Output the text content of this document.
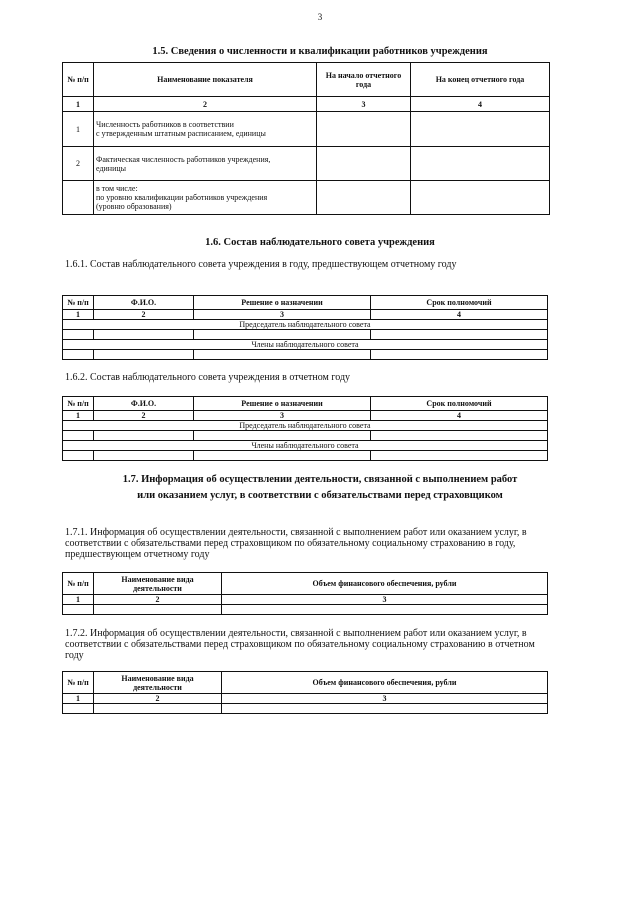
3
1.5. Сведения о численности и квалификации работников учреждения
№ п/п	Наименование показателя	На начало отчетного года	На конец отчетного года
1	2	3	4
1	Численность работников в соответствии
с утвержденным штатным расписанием, единицы		

2	Фактическая численность работников учреждения,
единицы		

	в том числе:
по уровню квалификации работников учреждения
(уровню образования)		

1.6. Состав наблюдательного совета учреждения
1.6.1. Состав наблюдательного совета учреждения в году, предшествующем отчетному году
№ п/п	Ф.И.О.	Решение о назначении	Срок полномочий
1	2	3	4
Председатель наблюдательного совета			

Члены наблюдательного совета			

1.6.2. Состав наблюдательного совета учреждения в отчетном году
№ п/п	Ф.И.О.	Решение о назначении	Срок полномочий
1	2	3	4
Председатель наблюдательного совета			

Члены наблюдательного совета			

1.7. Информация об осуществлении деятельности, связанной с выполнением работ
или оказанием услуг, в соответствии с обязательствами перед страховщиком
1.7.1. Информация об осуществлении деятельности, связанной с выполнением работ или оказанием услуг, в соответствии с обязательствами перед страховщиком по обязательному социальному страхованию в году, предшествующем отчетному году
№ п/п	Наименование вида деятельности	Объем финансового обеспечения, рубли
1	2	3

1.7.2. Информация об осуществлении деятельности, связанной с выполнением работ или оказанием услуг, в соответствии с обязательствами перед страховщиком по обязательному социальному страхованию в отчетном году
№ п/п	Наименование вида деятельности	Объем финансового обеспечения, рубли
1	2	3
